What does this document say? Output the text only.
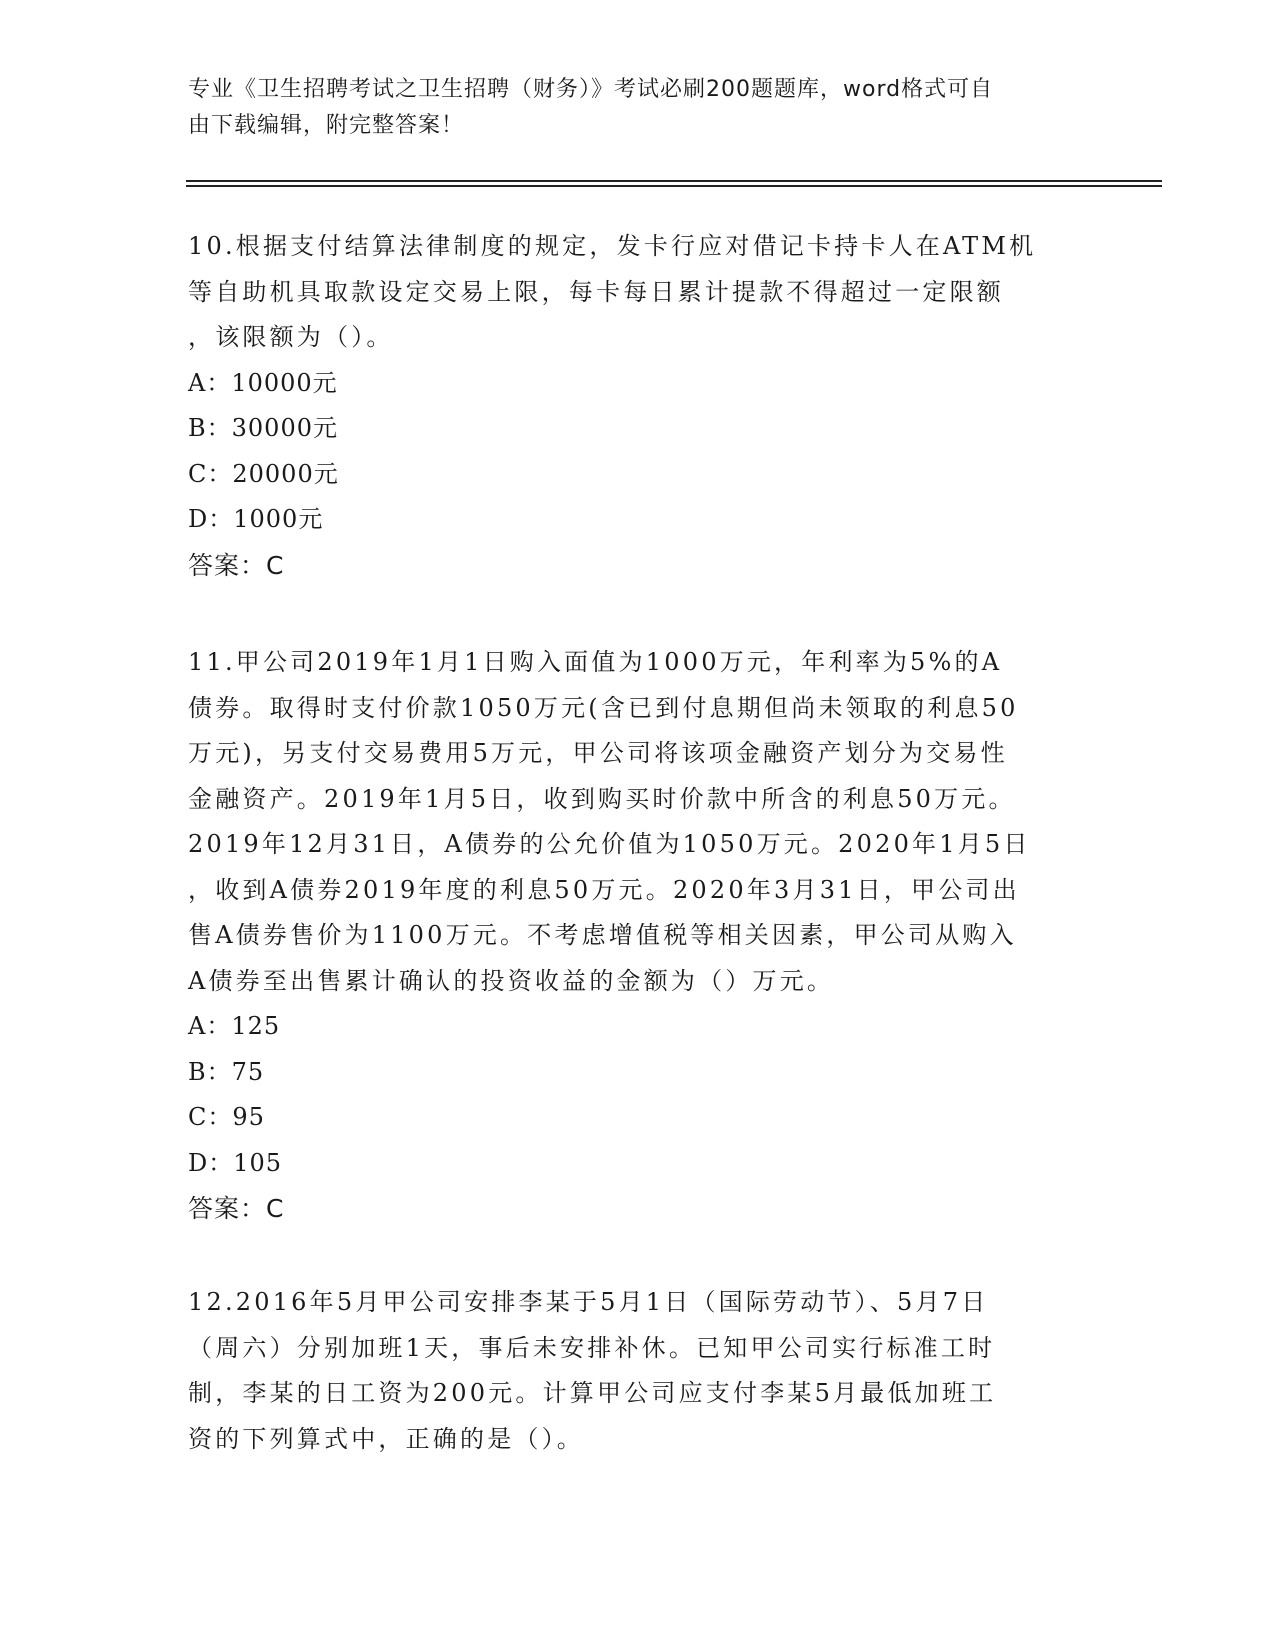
专业《卫生招聘考试之卫生招聘（财务）》考试必刷200题题库，word格式可自
由下载编辑，附完整答案！
10.根据支付结算法律制度的规定，发卡行应对借记卡持卡人在ATM机
等自助机具取款设定交易上限，每卡每日累计提款不得超过一定限额
，该限额为（）。
A：10000元
B：30000元
C：20000元
D：1000元
答案：C
11.甲公司2019年1月1日购入面值为1000万元，年利率为5%的A
债券。取得时支付价款1050万元(含已到付息期但尚未领取的利息50
万元)，另支付交易费用5万元，甲公司将该项金融资产划分为交易性
金融资产。2019年1月5日，收到购买时价款中所含的利息50万元。
2019年12月31日，A债券的公允价值为1050万元。2020年1月5日
，收到A债券2019年度的利息50万元。2020年3月31日，甲公司出
售A债券售价为1100万元。不考虑增值税等相关因素，甲公司从购入
A债券至出售累计确认的投资收益的金额为（）万元。
A：125
B：75
C：95
D：105
答案：C
12.2016年5月甲公司安排李某于5月1日（国际劳动节）、5月7日
（周六）分别加班1天，事后未安排补休。已知甲公司实行标准工时
制，李某的日工资为200元。计算甲公司应支付李某5月最低加班工
资的下列算式中，正确的是（）。
